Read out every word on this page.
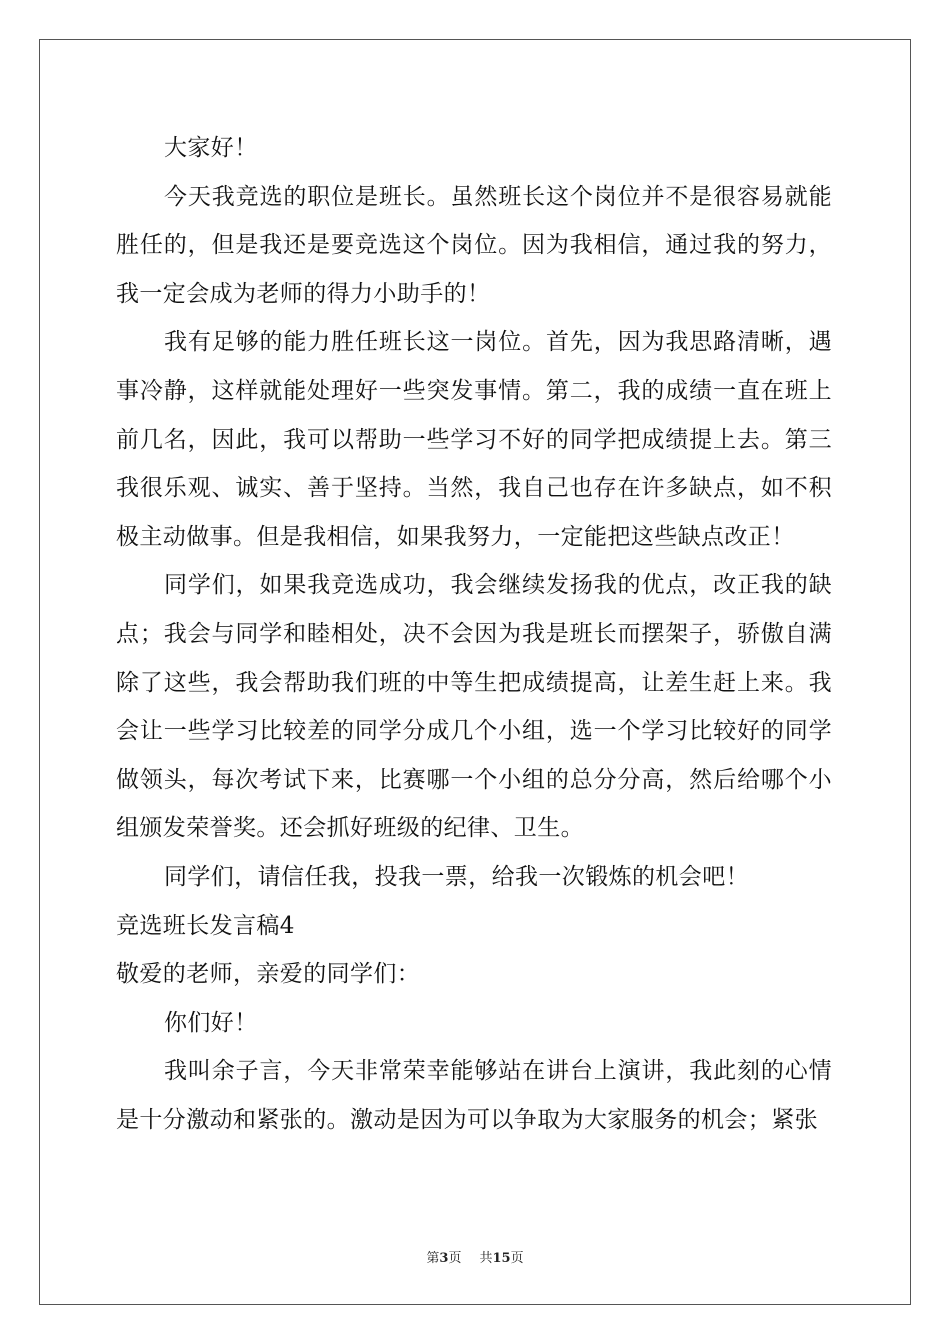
大家好！

今天我竞选的职位是班长。虽然班长这个岗位并不是很容易就能胜任的，但是我还是要竞选这个岗位。因为我相信，通过我的努力，我一定会成为老师的得力小助手的！

我有足够的能力胜任班长这一岗位。首先，因为我思路清晰，遇事冷静，这样就能处理好一些突发事情。第二，我的成绩一直在班上前几名，因此，我可以帮助一些学习不好的同学把成绩提上去。第三我很乐观、诚实、善于坚持。当然，我自己也存在许多缺点，如不积极主动做事。但是我相信，如果我努力，一定能把这些缺点改正！

同学们，如果我竞选成功，我会继续发扬我的优点，改正我的缺点；我会与同学和睦相处，决不会因为我是班长而摆架子，骄傲自满除了这些，我会帮助我们班的中等生把成绩提高，让差生赶上来。我会让一些学习比较差的同学分成几个小组，选一个学习比较好的同学做领头，每次考试下来，比赛哪一个小组的总分分高，然后给哪个小组颁发荣誉奖。还会抓好班级的纪律、卫生。

同学们，请信任我，投我一票，给我一次锻炼的机会吧！

竞选班长发言稿4

敬爱的老师，亲爱的同学们：

你们好！

我叫余子言，今天非常荣幸能够站在讲台上演讲，我此刻的心情是十分激动和紧张的。激动是因为可以争取为大家服务的机会；紧张

第3页 共15页
